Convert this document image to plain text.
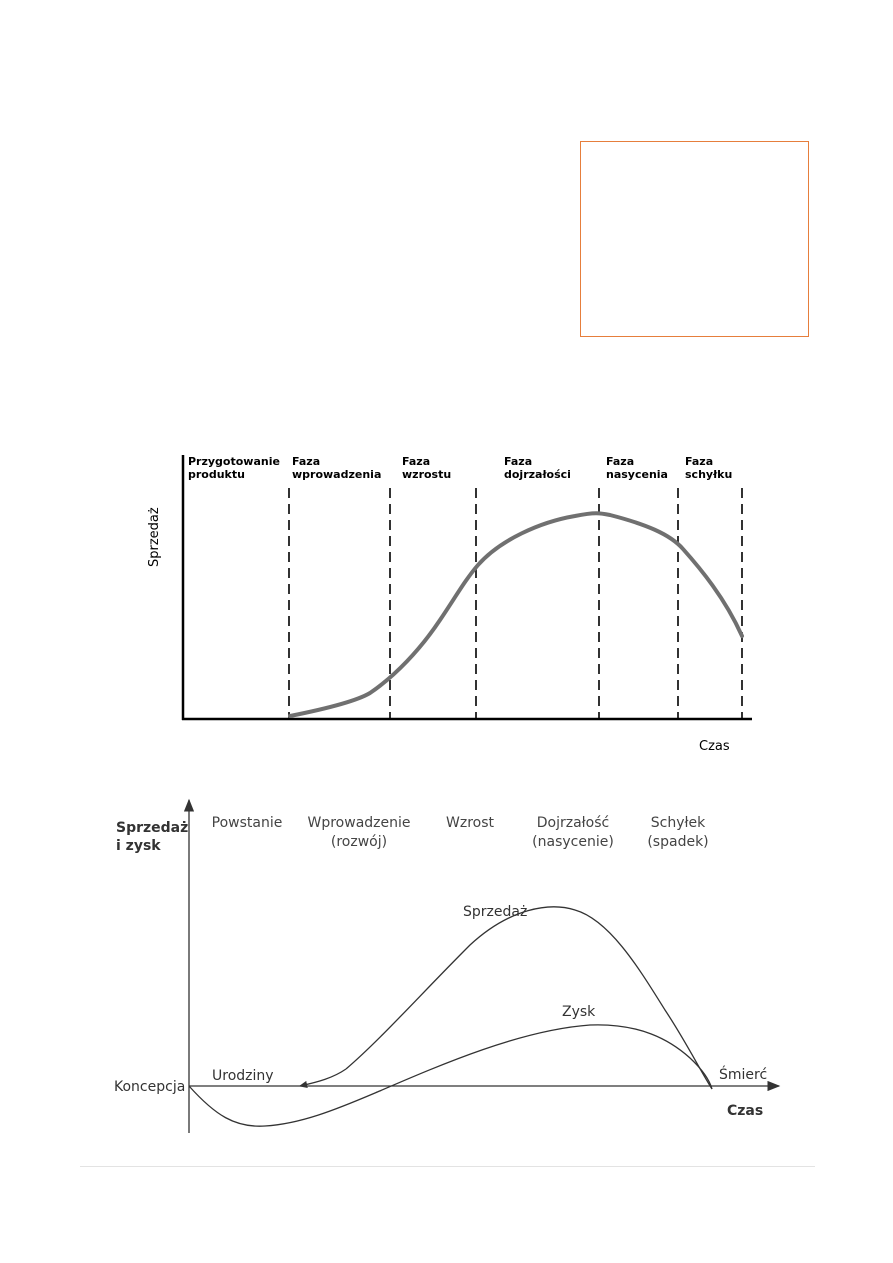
Przygotowanie
produktu
Faza
wprowadzenia
Faza
wzrostu
Faza
dojrzałości
Faza
nasycenia
Faza
schyłku
Sprzedaż
Czas
Sprzedaż
i zysk
Czas
Powstanie Wprowadzenie
(rozwój)
Wzrost	Dojrzałość
(nasycenie)
Schyłek
(spadek)
Koncepcja
Urodziny	Śmierć
Sprzedaż
Zysk
